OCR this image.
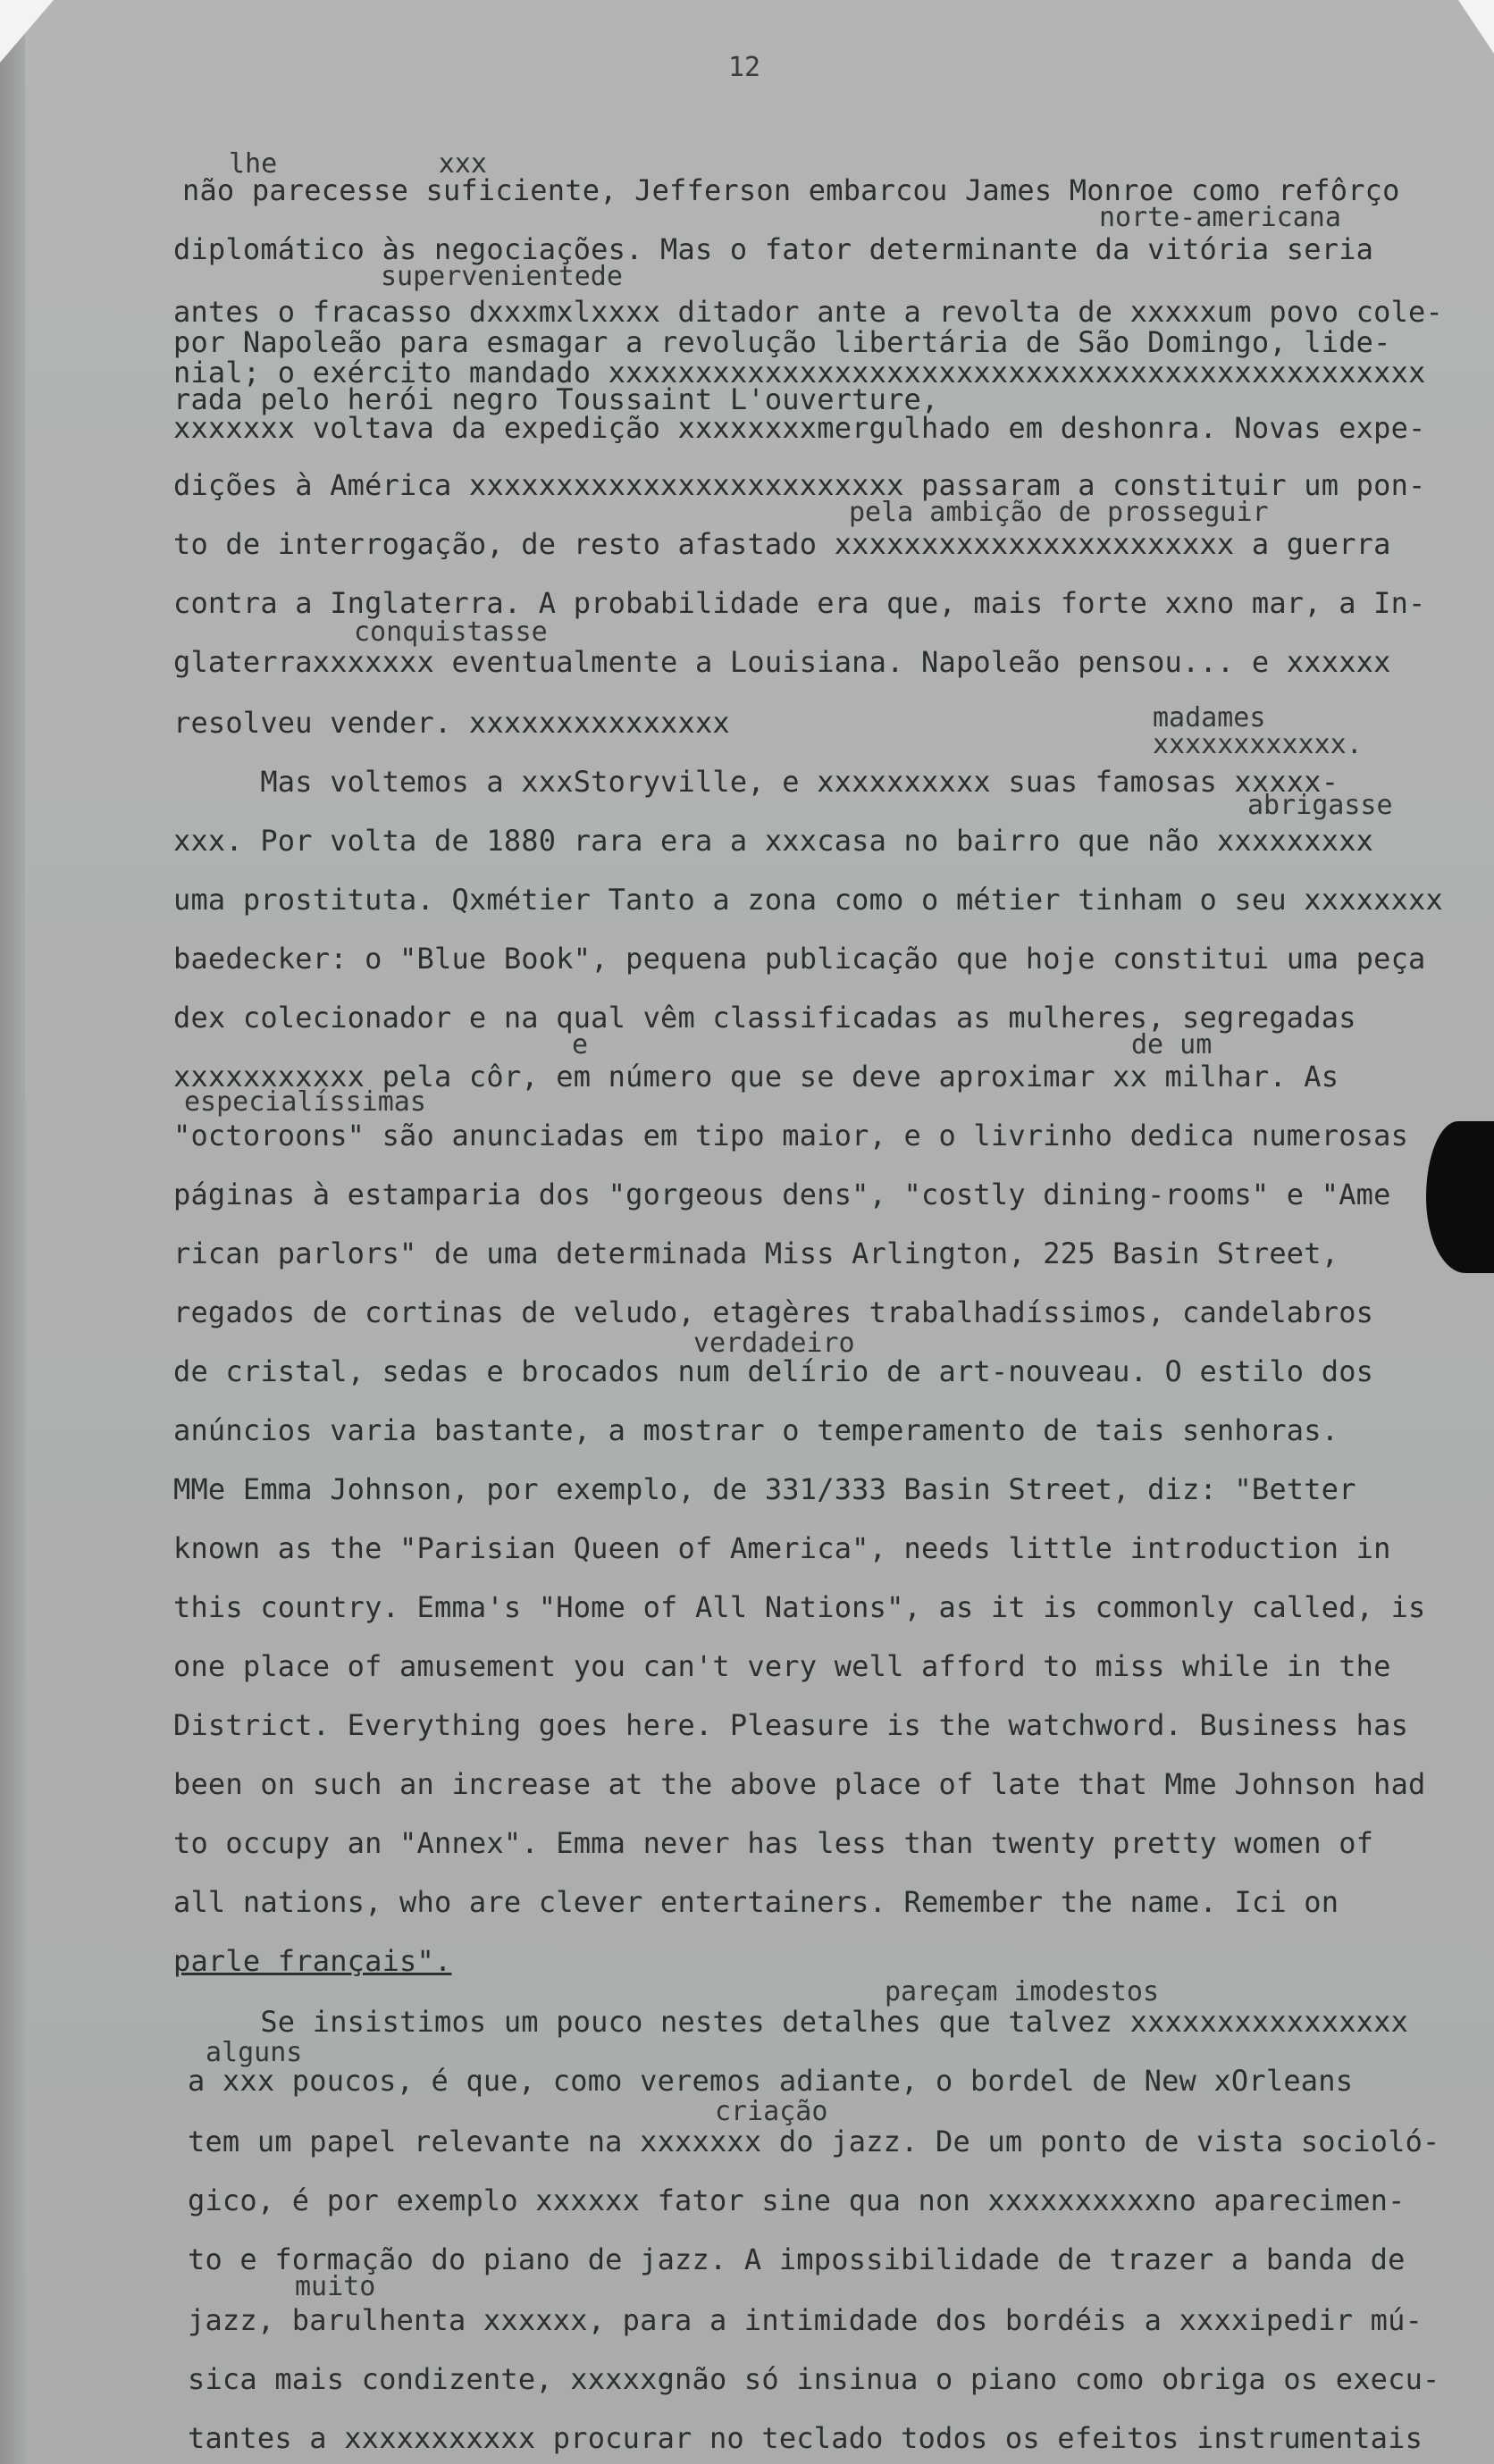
12
lhe          xxx
norte-americana
supervenientede
pela ambição de prosseguir
conquistasse
madames
xxxxxxxxxxxx.
abrigasse
e	de um
especialíssimas
verdadeiro
pareçam imodestos
alguns
criação
muito
não parecesse suficiente, Jefferson embarcou James Monroe como refôrço
diplomático às negociações. Mas o fator determinante da vitória seria
antes o fracasso dxxxmxlxxxx ditador ante a revolta de xxxxxum povo cole-
por Napoleão para esmagar a revolução libertária de São Domingo, lide-
nial; o exército mandado xxxxxxxxxxxxxxxxxxxxxxxxxxxxxxxxxxxxxxxxxxxxxxx
rada pelo herói negro Toussaint L'ouverture,
xxxxxxx voltava da expedição xxxxxxxxmergulhado em deshonra. Novas expe-
dições à América xxxxxxxxxxxxxxxxxxxxxxxxx passaram a constituir um pon-
to de interrogação, de resto afastado xxxxxxxxxxxxxxxxxxxxxxx a guerra
contra a Inglaterra. A probabilidade era que, mais forte xxno mar, a In-
glaterraxxxxxxx eventualmente a Louisiana. Napoleão pensou... e xxxxxx
resolveu vender. xxxxxxxxxxxxxxx
Mas voltemos a xxxStoryville, e xxxxxxxxxx suas famosas xxxxx-
xxx. Por volta de 1880 rara era a xxxcasa no bairro que não xxxxxxxxx
uma prostituta. Qxmétier Tanto a zona como o métier tinham o seu xxxxxxxx
baedecker: o "Blue Book", pequena publicação que hoje constitui uma peça
dex colecionador e na qual vêm classificadas as mulheres, segregadas
xxxxxxxxxxx pela côr, em número que se deve aproximar xx milhar. As
"octoroons" são anunciadas em tipo maior, e o livrinho dedica numerosas
páginas à estamparia dos "gorgeous dens", "costly dining-rooms" e "Ame
rican parlors" de uma determinada Miss Arlington, 225 Basin Street,
regados de cortinas de veludo, etagères trabalhadíssimos, candelabros
de cristal, sedas e brocados num delírio de art-nouveau. O estilo dos
anúncios varia bastante, a mostrar o temperamento de tais senhoras.
MMe Emma Johnson, por exemplo, de 331/333 Basin Street, diz: "Better
known as the "Parisian Queen of America", needs little introduction in
this country. Emma's "Home of All Nations", as it is commonly called, is
one place of amusement you can't very well afford to miss while in the
District. Everything goes here. Pleasure is the watchword. Business has
been on such an increase at the above place of late that Mme Johnson had
to occupy an "Annex". Emma never has less than twenty pretty women of
all nations, who are clever entertainers. Remember the name. Ici on
parle français".
Se insistimos um pouco nestes detalhes que talvez xxxxxxxxxxxxxxxx
a xxx poucos, é que, como veremos adiante, o bordel de New xOrleans
tem um papel relevante na xxxxxxx do jazz. De um ponto de vista socioló-
gico, é por exemplo xxxxxx fator sine qua non xxxxxxxxxxno aparecimen-
to e formação do piano de jazz. A impossibilidade de trazer a banda de
jazz, barulhenta xxxxxx, para a intimidade dos bordéis a xxxxipedir mú-
sica mais condizente, xxxxxgnão só insinua o piano como obriga os execu-
tantes a xxxxxxxxxxx procurar no teclado todos os efeitos instrumentais
